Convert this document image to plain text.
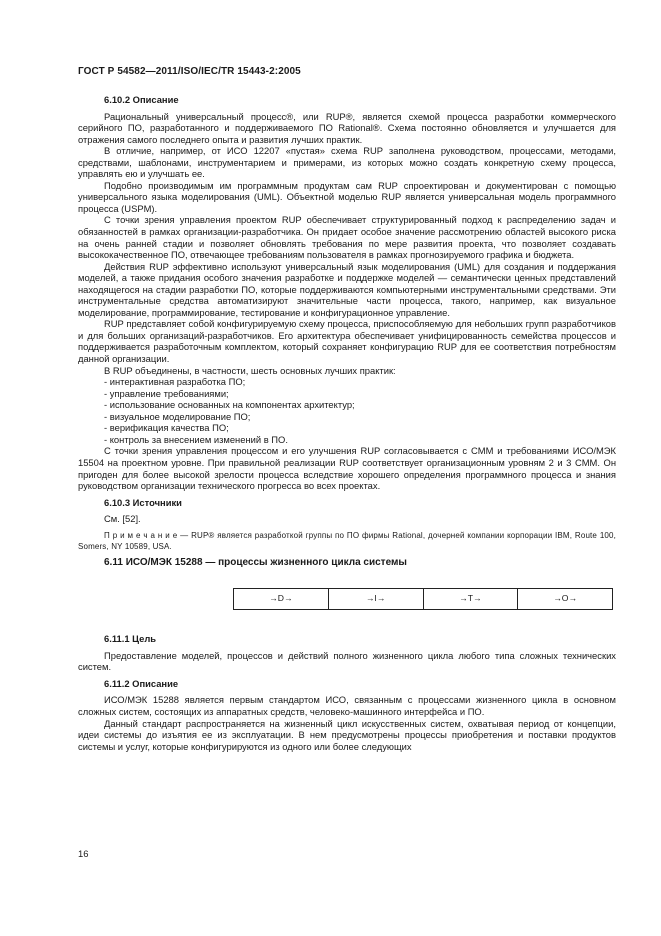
ГОСТ Р 54582—2011/ISO/IEC/TR 15443-2:2005
6.10.2 Описание

Рациональный универсальный процесс®, или RUP®, является схемой процесса разработки коммерческого серийного ПО, разработанного и поддерживаемого ПО Rational®. Схема постоянно обновляется и улучшается для отражения самого последнего опыта и развития лучших практик.

В отличие, например, от ИСО 12207 «пустая» схема RUP заполнена руководством, процессами, методами, средствами, шаблонами, инструментарием и примерами, из которых можно создать конкретную схему процесса, управлять ею и улучшать ее.

Подобно производимым им программным продуктам сам RUP спроектирован и документирован с помощью универсального языка моделирования (UML). Объектной моделью RUP является универсальная модель программного процесса (USPM).

С точки зрения управления проектом RUP обеспечивает структурированный подход к распределению задач и обязанностей в рамках организации-разработчика. Он придает особое значение рассмотрению областей высокого риска на очень ранней стадии и позволяет обновлять требования по мере развития проекта, что позволяет создавать высококачественное ПО, отвечающее требованиям пользователя в рамках прогнозируемого графика и бюджета.

Действия RUP эффективно используют универсальный язык моделирования (UML) для создания и поддержания моделей, а также придания особого значения разработке и поддержке моделей — семантически ценных представлений находящегося на стадии разработки ПО, которые поддерживаются компьютерными инструментальными средствами. Эти инструментальные средства автоматизируют значительные части процесса, такого, например, как визуальное моделирование, программирование, тестирование и конфигурационное управление.

RUP представляет собой конфигурируемую схему процесса, приспособляемую для небольших групп разработчиков и для больших организаций-разработчиков. Его архитектура обеспечивает унифицированность семейства процессов и поддерживается разработочным комплектом, который сохраняет конфигурацию RUP для ее соответствия потребностям данной организации.

В RUP объединены, в частности, шесть основных лучших практик:

- интерактивная разработка ПО;
- управление требованиями;
- использование основанных на компонентах архитектур;
- визуальное моделирование ПО;
- верификация качества ПО;
- контроль за внесением изменений в ПО.

С точки зрения управления процессом и его улучшения RUP согласовывается с CMM и требованиями ИСО/МЭК 15504 на проектном уровне. При правильной реализации RUP соответствует организационным уровням 2 и 3 CMM. Он пригоден для более высокой зрелости процесса вследствие хорошего определения программного процесса и знания руководством организации технического прогресса во всех проектах.

6.10.3 Источники

См. [52].

П р и м е ч а н и е — RUP® является разработкой группы по ПО фирмы Rational, дочерней компании корпорации IBM, Route 100, Somers, NY 10589, USA.

6.11 ИСО/МЭК 15288 — процессы жизненного цикла системы
→D→	→I→	→T→	→O→
6.11.1 Цель

Предоставление моделей, процессов и действий полного жизненного цикла любого типа сложных технических систем.

6.11.2 Описание

ИСО/МЭК 15288 является первым стандартом ИСО, связанным с процессами жизненного цикла в основном сложных систем, состоящих из аппаратных средств, человеко-машинного интерфейса и ПО.

Данный стандарт распространяется на жизненный цикл искусственных систем, охватывая период от концепции, идеи системы до изъятия ее из эксплуатации. В нем предусмотрены процессы приобретения и поставки продуктов системы и услуг, которые конфигурируются из одного или более следующих

16
